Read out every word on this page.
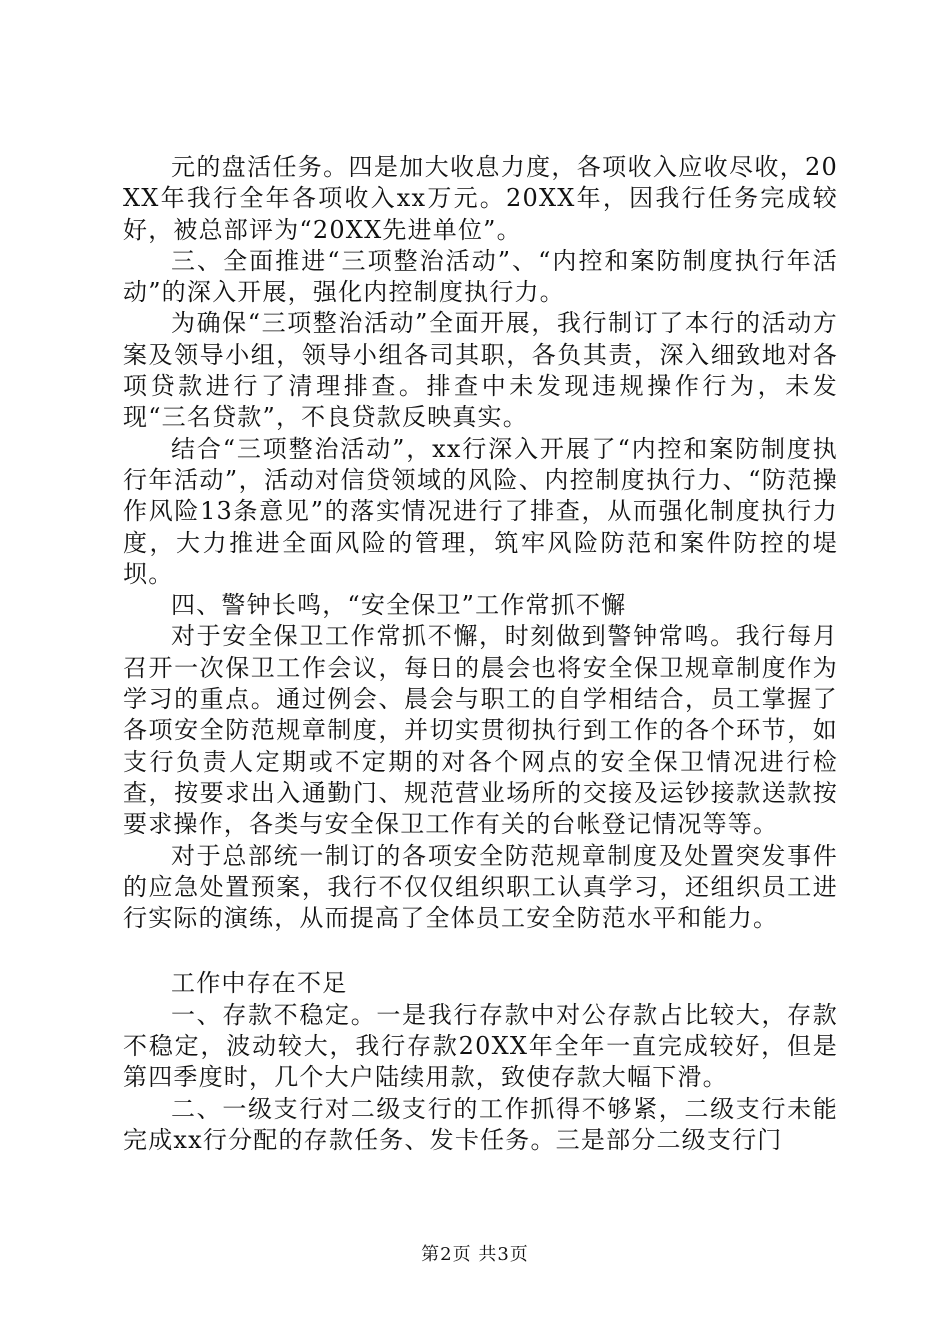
元的盘活任务。四是加大收息力度，各项收入应收尽收，20XX年我行全年各项收入xx万元。20XX年，因我行任务完成较好，被总部评为“20XX先进单位”。

三、全面推进“三项整治活动”、“内控和案防制度执行年活动”的深入开展，强化内控制度执行力。

为确保“三项整治活动”全面开展，我行制订了本行的活动方案及领导小组，领导小组各司其职，各负其责，深入细致地对各项贷款进行了清理排查。排查中未发现违规操作行为，未发现“三名贷款”，不良贷款反映真实。

结合“三项整治活动”，xx行深入开展了“内控和案防制度执行年活动”，活动对信贷领域的风险、内控制度执行力、“防范操作风险13条意见”的落实情况进行了排查，从而强化制度执行力度，大力推进全面风险的管理，筑牢风险防范和案件防控的堤坝。

四、警钟长鸣，“安全保卫”工作常抓不懈

对于安全保卫工作常抓不懈，时刻做到警钟常鸣。我行每月召开一次保卫工作会议，每日的晨会也将安全保卫规章制度作为学习的重点。通过例会、晨会与职工的自学相结合，员工掌握了各项安全防范规章制度，并切实贯彻执行到工作的各个环节，如支行负责人定期或不定期的对各个网点的安全保卫情况进行检查，按要求出入通勤门、规范营业场所的交接及运钞接款送款按要求操作，各类与安全保卫工作有关的台帐登记情况等等。

对于总部统一制订的各项安全防范规章制度及处置突发事件的应急处置预案，我行不仅仅组织职工认真学习，还组织员工进行实际的演练，从而提高了全体员工安全防范水平和能力。

工作中存在不足

一、存款不稳定。一是我行存款中对公存款占比较大，存款不稳定，波动较大，我行存款20XX年全年一直完成较好，但是第四季度时，几个大户陆续用款，致使存款大幅下滑。

二、一级支行对二级支行的工作抓得不够紧，二级支行未能完成xx行分配的存款任务、发卡任务。三是部分二级支行门

第2页 共3页
